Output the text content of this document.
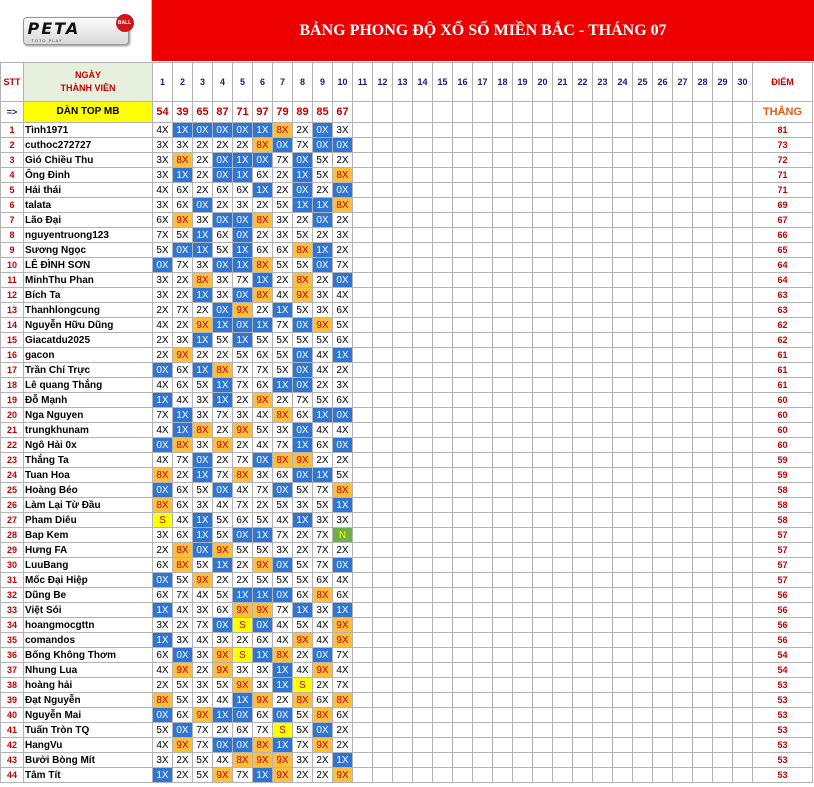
PETA	BALL
TOTO PLAY
BẢNG PHONG ĐỘ XỔ SỐ MIỀN BẮC - THÁNG 07
STT	NGÀY
THÀNH VIÊN	1	2	3	4	5	6	7	8	9	10	11	12	13	14	15	16	17	18	19	20	21	22	23	24	25	26	27	28	29	30	ĐIỂM
=>	DÀN TOP MB	54	39	65	87	71	97	79	89	85	67																					THẮNG
1	Tình1971	4X	1X	0X	0X	0X	1X	8X	2X	0X	3X																					81
2	cuthoc272727	3X	3X	2X	2X	2X	8X	0X	7X	0X	0X																					73
3	Gió Chiều Thu	3X	8X	2X	0X	1X	0X	7X	0X	5X	2X																					72
4	Ông Đinh	3X	1X	2X	0X	1X	6X	2X	1X	5X	8X																					71
5	Hải thái	4X	6X	2X	6X	6X	1X	2X	0X	2X	0X																					71
6	talata	3X	6X	0X	2X	3X	2X	5X	1X	1X	8X																					69
7	Lão Đại	6X	9X	3X	0X	0X	8X	3X	2X	0X	2X																					67
8	nguyentruong123	7X	5X	1X	6X	0X	2X	3X	5X	2X	3X																					66
9	Sương Ngọc	5X	0X	1X	5X	1X	6X	6X	8X	1X	2X																					65
10	LÊ ĐÌNH SƠN	0X	7X	3X	0X	1X	8X	5X	5X	0X	7X																					64
11	MinhThu Phan	3X	2X	8X	3X	7X	1X	2X	8X	2X	0X																					64
12	Bích Ta	3X	2X	1X	3X	0X	8X	4X	9X	3X	4X																					63
13	Thanhlongcung	2X	7X	2X	0X	9X	2X	1X	5X	3X	6X																					63
14	Nguyễn Hữu Dũng	4X	2X	9X	1X	0X	1X	7X	0X	9X	5X																					62
15	Giacatdu2025	2X	3X	1X	5X	1X	5X	5X	5X	5X	6X																					62
16	gacon	2X	9X	2X	2X	5X	6X	5X	0X	4X	1X																					61
17	Trần Chí Trực	0X	6X	1X	8X	7X	7X	5X	0X	4X	2X																					61
18	Lê quang Thắng	4X	6X	5X	1X	7X	6X	1X	0X	2X	3X																					61
19	Đỗ Mạnh	1X	4X	3X	1X	2X	9X	2X	7X	5X	6X																					60
20	Nga Nguyen	7X	1X	3X	7X	3X	4X	8X	6X	1X	0X																					60
21	trungkhunam	4X	1X	8X	2X	9X	5X	3X	0X	4X	4X																					60
22	Ngô Hải 0x	0X	8X	3X	9X	2X	4X	7X	1X	6X	0X																					60
23	Thắng Ta	4X	7X	0X	2X	7X	0X	8X	9X	2X	2X																					59
24	Tuan Hoa	8X	2X	1X	7X	8X	3X	6X	0X	1X	5X																					59
25	Hoàng Béo	0X	6X	5X	0X	4X	7X	0X	5X	7X	8X																					58
26	Làm Lại Từ Đầu	8X	6X	3X	4X	7X	2X	5X	3X	5X	1X																					58
27	Pham Diêu	S	4X	1X	5X	6X	5X	4X	1X	3X	3X																					58
28	Bap Kem	3X	6X	1X	5X	0X	1X	7X	2X	7X	N																					57
29	Hưng FA	2X	8X	0X	9X	5X	5X	3X	2X	7X	2X																					57
30	LuuBang	6X	8X	5X	1X	2X	9X	0X	5X	7X	0X																					57
31	Mốc Đại Hiệp	0X	5X	9X	2X	2X	5X	5X	5X	6X	4X																					57
32	Dũng Be	6X	7X	4X	5X	1X	1X	0X	6X	8X	6X																					56
33	Việt Sói	1X	4X	3X	6X	9X	9X	7X	1X	3X	1X																					56
34	hoangmocgttn	3X	2X	7X	0X	S	0X	4X	5X	4X	9X																					56
35	comandos	1X	3X	4X	3X	2X	6X	4X	9X	4X	9X																					56
36	Bống Không Thơm	6X	0X	3X	9X	S	1X	8X	2X	0X	7X																					54
37	Nhung Lua	4X	9X	2X	9X	3X	3X	1X	4X	9X	4X																					54
38	hoàng hải	2X	5X	3X	5X	9X	3X	1X	S	2X	7X																					53
39	Đạt Nguyễn	8X	5X	3X	4X	1X	9X	2X	8X	6X	8X																					53
40	Nguyễn Mai	0X	6X	9X	1X	0X	6X	0X	5X	8X	6X																					53
41	Tuấn Tròn TQ	5X	0X	7X	2X	6X	7X	S	5X	0X	2X																					53
42	HangVu	4X	9X	7X	0X	0X	8X	1X	7X	9X	2X																					53
43	Bưởi Bòng Mít	3X	2X	5X	4X	8X	9X	9X	3X	2X	1X																					53
44	Tâm Tít	1X	2X	5X	9X	7X	1X	9X	2X	2X	9X																					53
